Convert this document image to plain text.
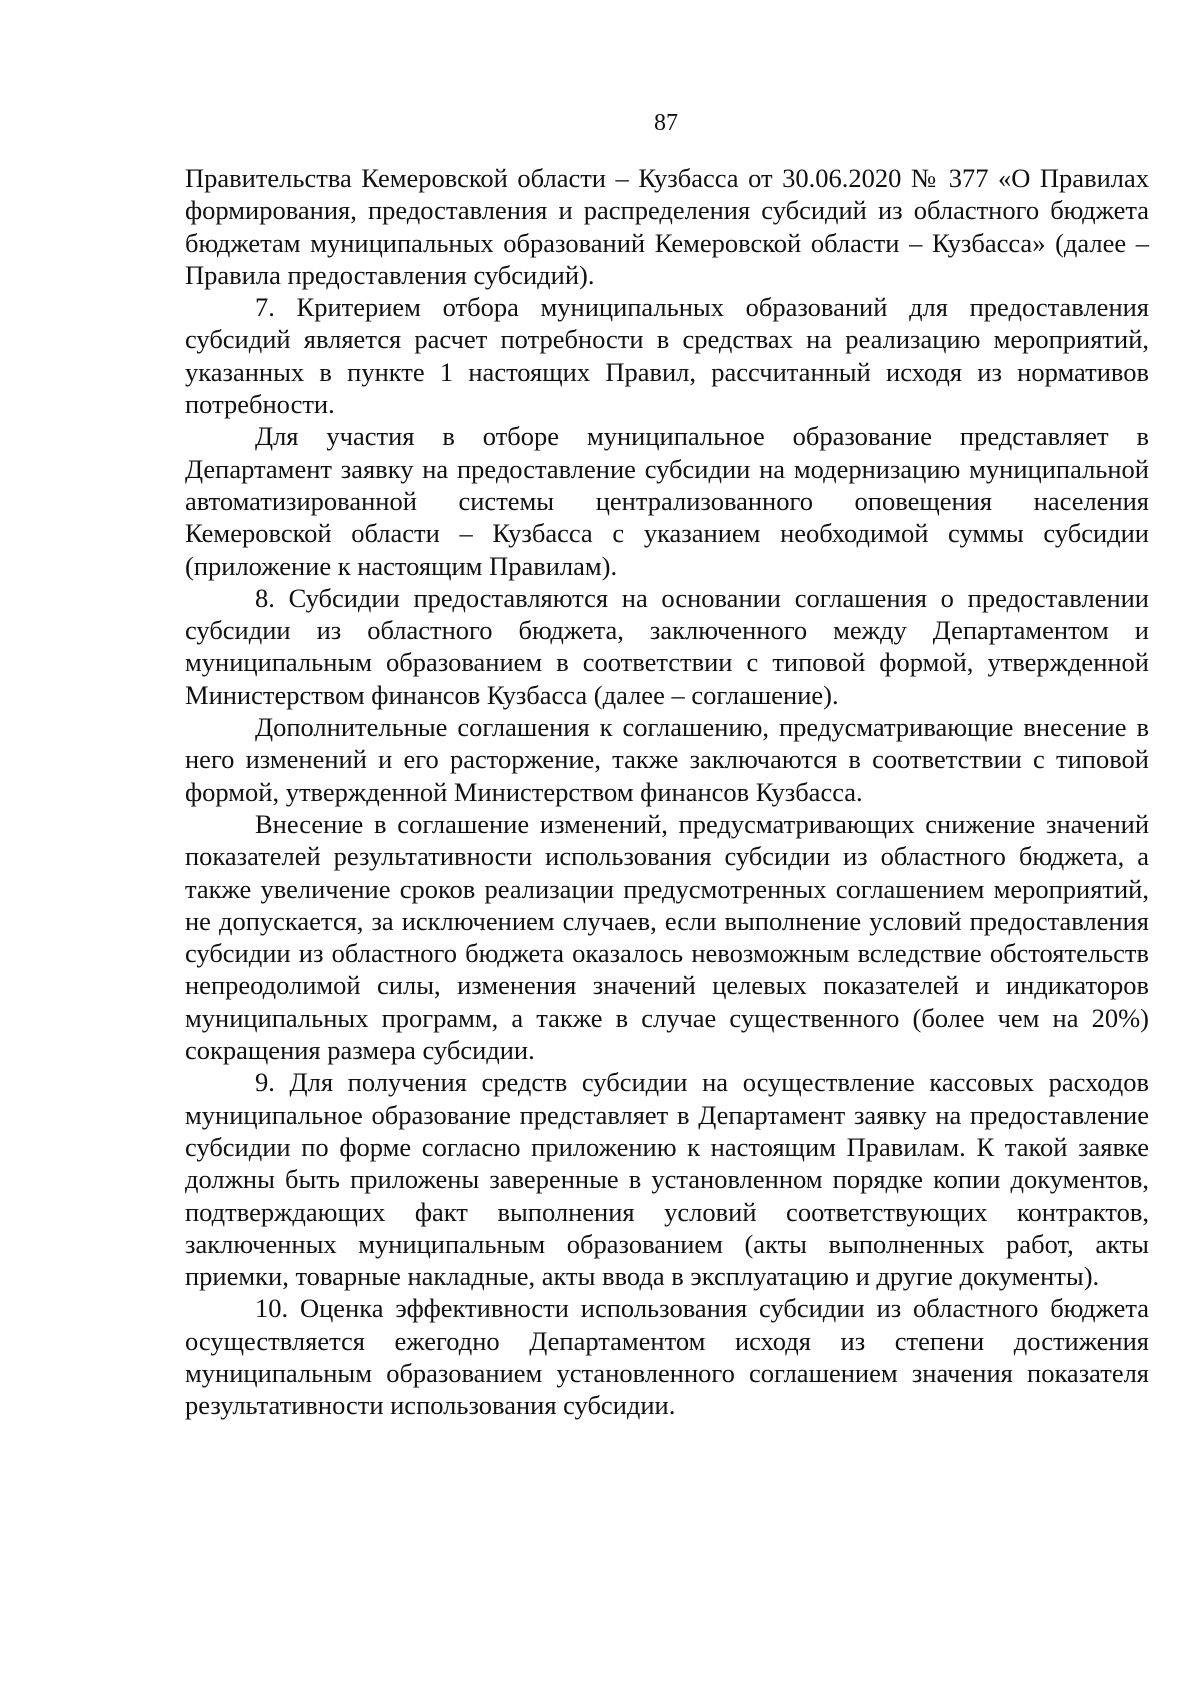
87

Правительства Кемеровской области – Кузбасса от 30.06.2020 № 377 «О Правилах формирования, предоставления и распределения субсидий из областного бюджета бюджетам муниципальных образований Кемеровской области – Кузбасса» (далее – Правила предоставления субсидий).

7. Критерием отбора муниципальных образований для предоставления субсидий является расчет потребности в средствах на реализацию мероприятий, указанных в пункте 1 настоящих Правил, рассчитанный исходя из нормативов потребности.

Для участия в отборе муниципальное образование представляет в Департамент заявку на предоставление субсидии на модернизацию муниципальной автоматизированной системы централизованного оповещения населения Кемеровской области – Кузбасса с указанием необходимой суммы субсидии (приложение к настоящим Правилам).

8. Субсидии предоставляются на основании соглашения о предоставлении субсидии из областного бюджета, заключенного между Департаментом и муниципальным образованием в соответствии с типовой формой, утвержденной Министерством финансов Кузбасса (далее – соглашение).

Дополнительные соглашения к соглашению, предусматривающие внесение в него изменений и его расторжение, также заключаются в соответствии с типовой формой, утвержденной Министерством финансов Кузбасса.

Внесение в соглашение изменений, предусматривающих снижение значений показателей результативности использования субсидии из областного бюджета, а также увеличение сроков реализации предусмотренных соглашением мероприятий, не допускается, за исключением случаев, если выполнение условий предоставления субсидии из областного бюджета оказалось невозможным вследствие обстоятельств непреодолимой силы, изменения значений целевых показателей и индикаторов муниципальных программ, а также в случае существенного (более чем на 20%) сокращения размера субсидии.

9. Для получения средств субсидии на осуществление кассовых расходов муниципальное образование представляет в Департамент заявку на предоставление субсидии по форме согласно приложению к настоящим Правилам. К такой заявке должны быть приложены заверенные в установленном порядке копии документов, подтверждающих факт выполнения условий соответствующих контрактов, заключенных муниципальным образованием (акты выполненных работ, акты приемки, товарные накладные, акты ввода в эксплуатацию и другие документы).

10. Оценка эффективности использования субсидии из областного бюджета осуществляется ежегодно Департаментом исходя из степени достижения муниципальным образованием установленного соглашением значения показателя результативности использования субсидии.
